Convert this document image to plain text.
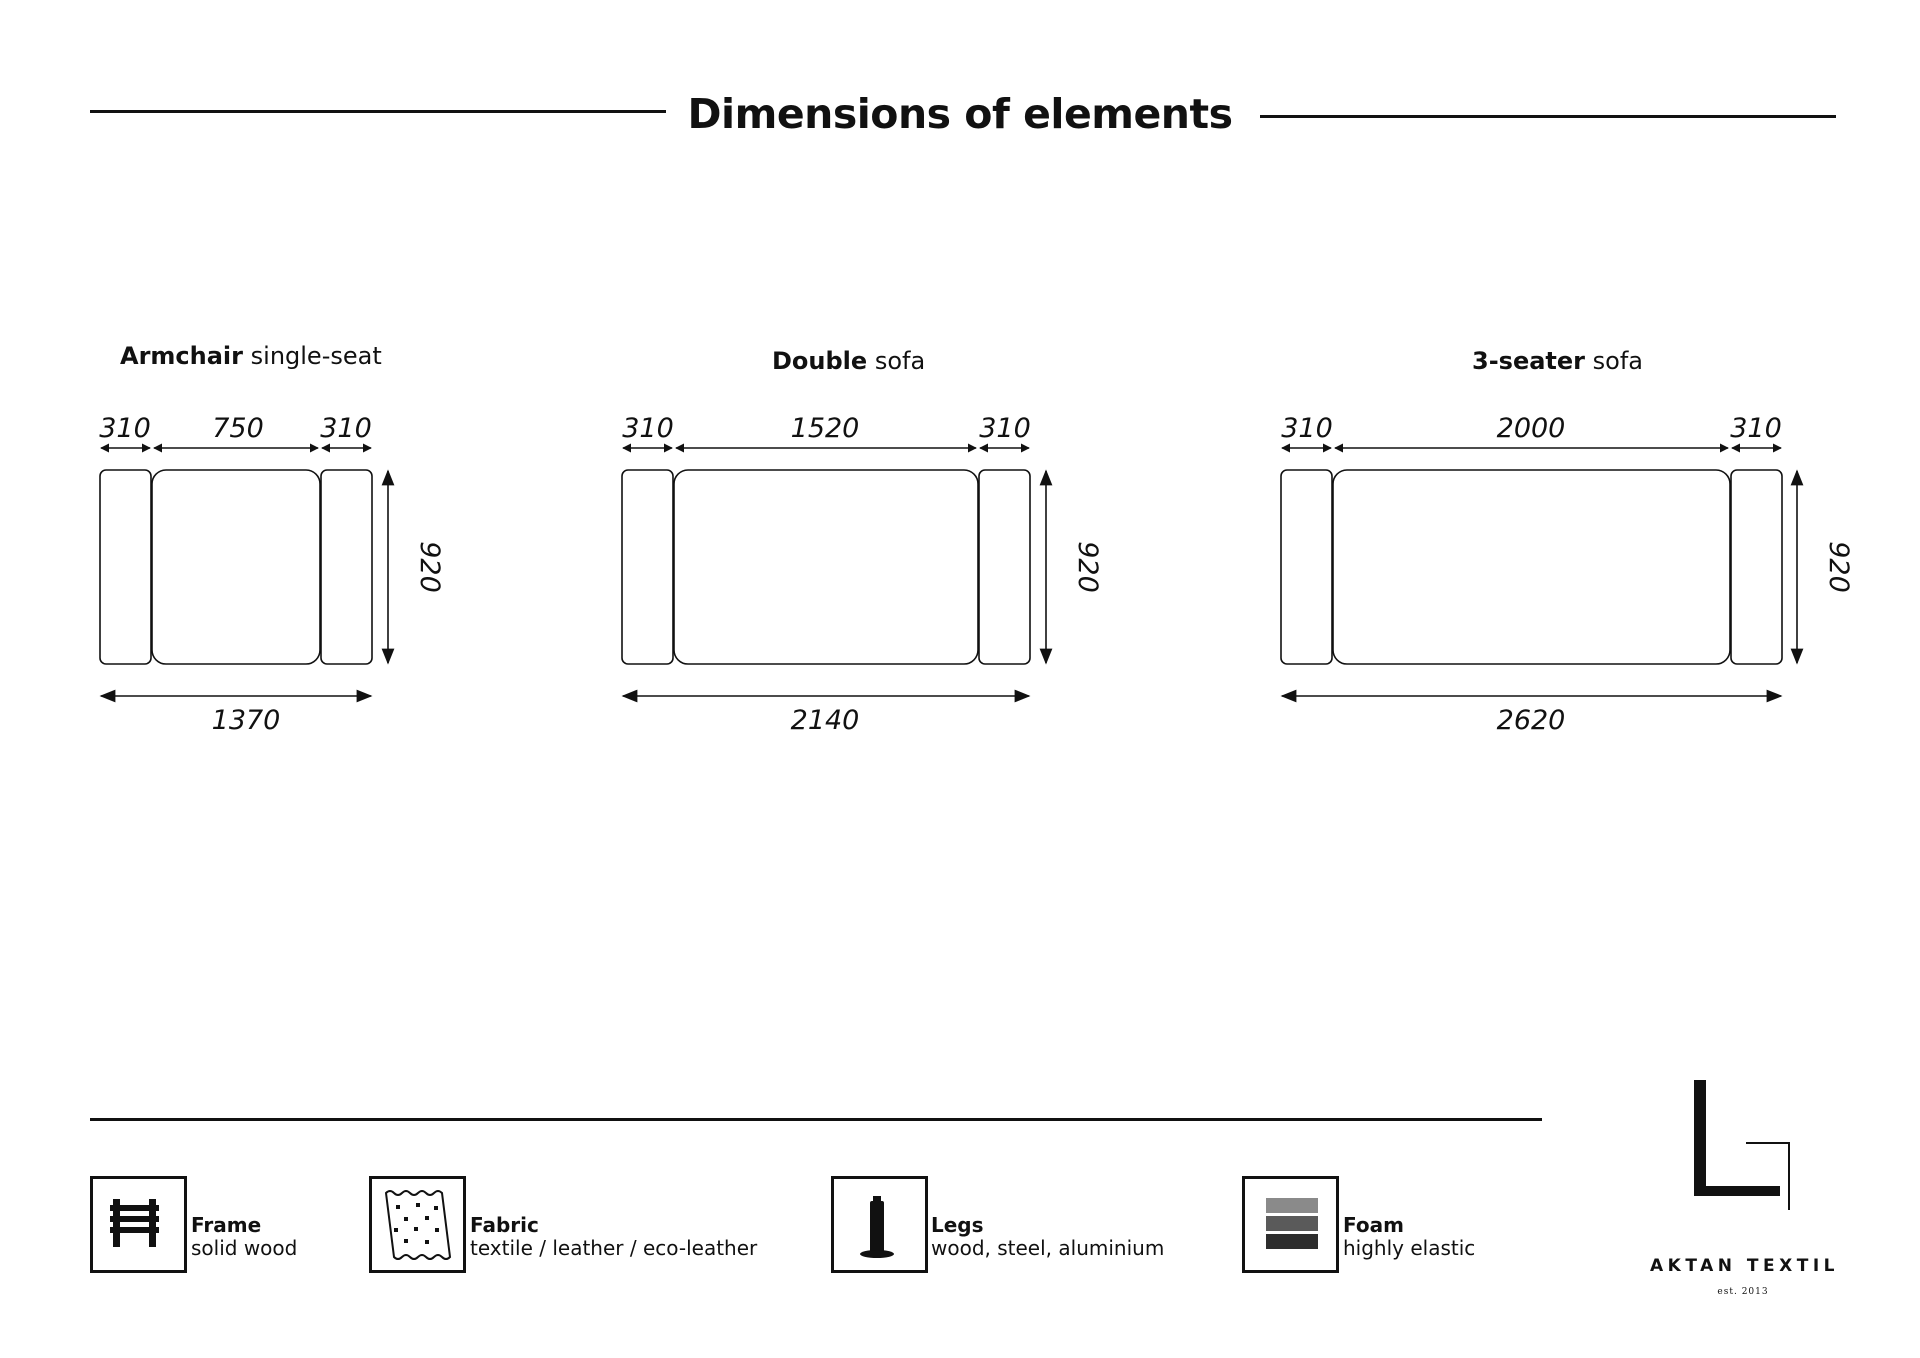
Dimensions of elements
Armchair single-seat	Double sofa	3-seater sofa
310 750 310
920
1370
310	1520	310
920
2140
310	2000	310
920
2620
Frame
solid wood
Fabric
textile / leather / eco-leather
Legs
wood, steel, aluminium
Foam
highly elastic
AKTAN TEXTIL
est. 2013
